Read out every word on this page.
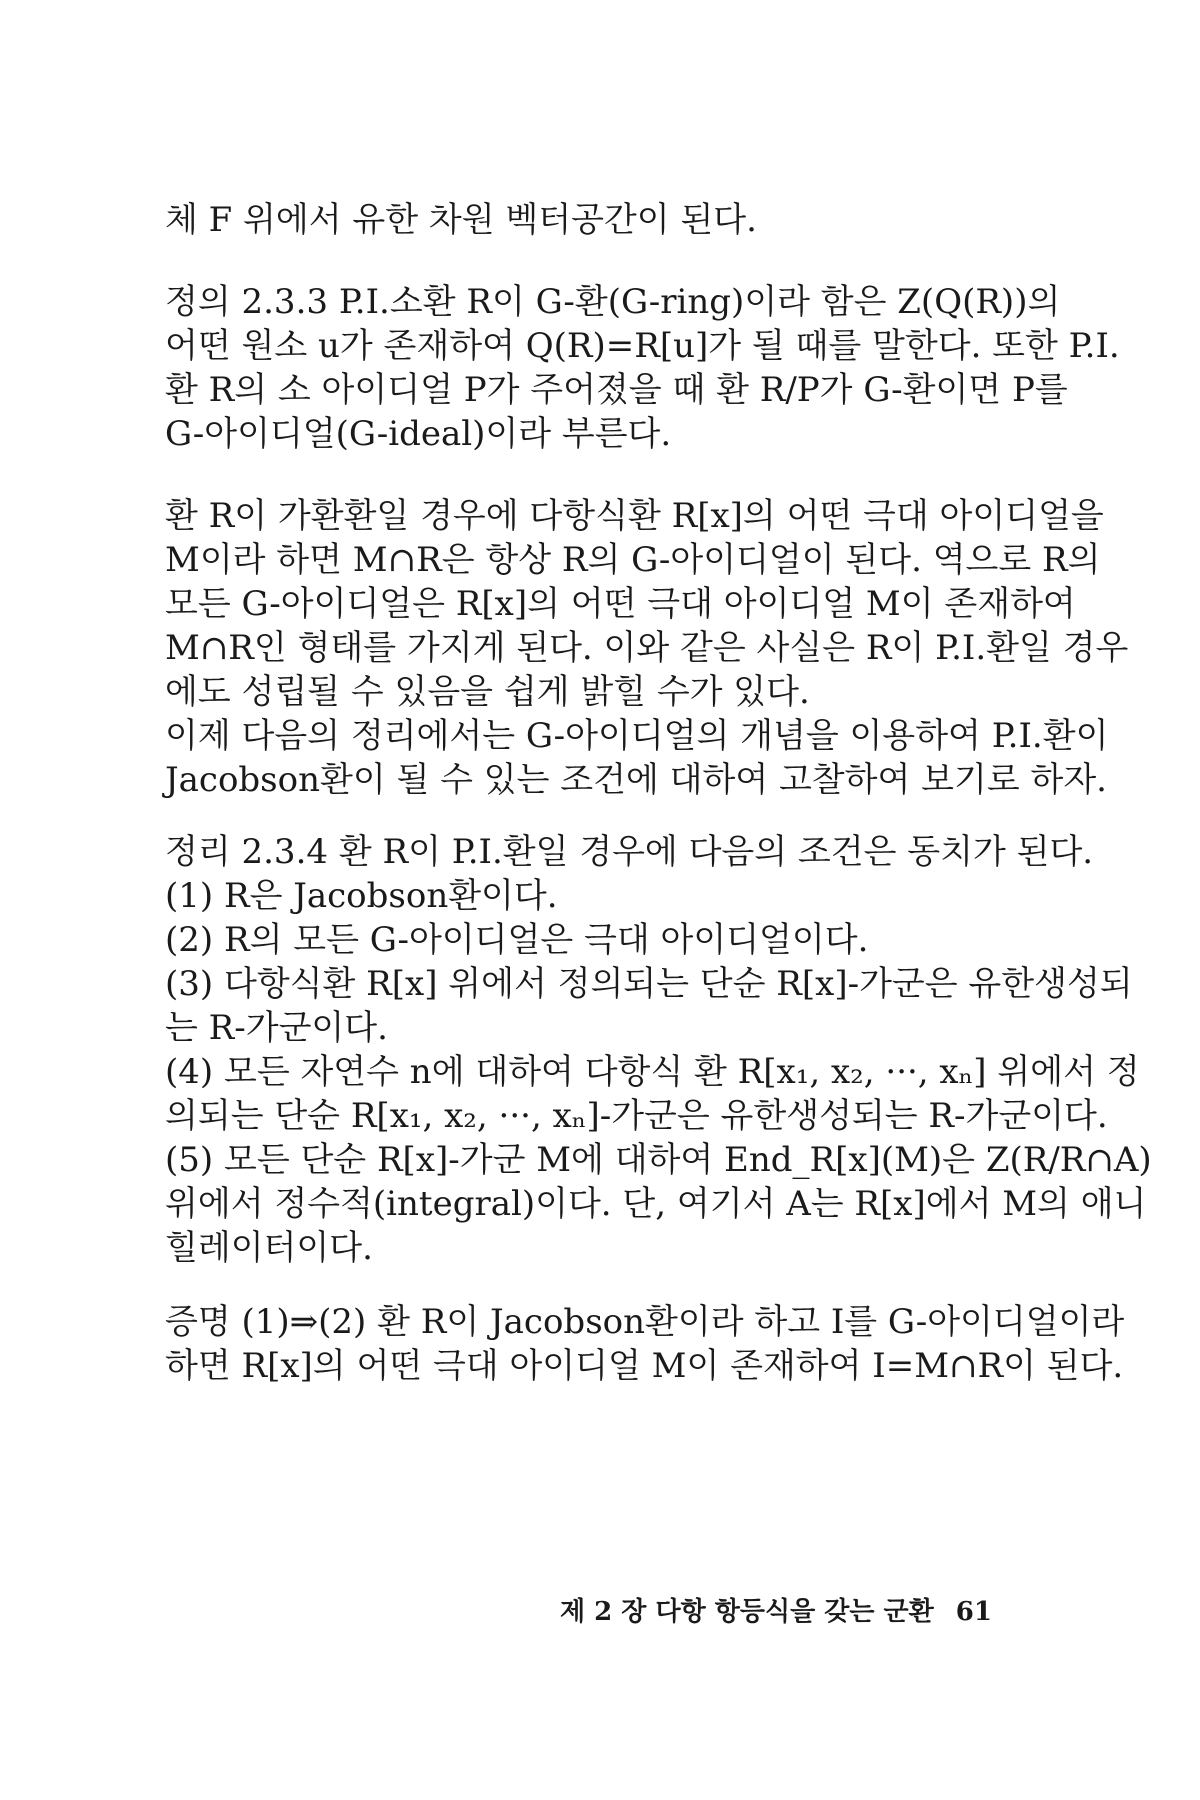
체 F 위에서 유한 차원 벡터공간이 된다.
정의 2.3.3 P.I.소환 R이 G-환(G-ring)이라 함은 Z(Q(R))의
어떤 원소 u가 존재하여 Q(R)=R[u]가 될 때를 말한다. 또한 P.I.
환 R의 소 아이디얼 P가 주어졌을 때 환 R/P가 G-환이면 P를
G-아이디얼(G-ideal)이라 부른다.
환 R이 가환환일 경우에 다항식환 R[x]의 어떤 극대 아이디얼을
M이라 하면 M∩R은 항상 R의 G-아이디얼이 된다. 역으로 R의
모든 G-아이디얼은 R[x]의 어떤 극대 아이디얼 M이 존재하여
M∩R인 형태를 가지게 된다. 이와 같은 사실은 R이 P.I.환일 경우
에도 성립될 수 있음을 쉽게 밝힐 수가 있다.
이제 다음의 정리에서는 G-아이디얼의 개념을 이용하여 P.I.환이
Jacobson환이 될 수 있는 조건에 대하여 고찰하여 보기로 하자.
정리 2.3.4 환 R이 P.I.환일 경우에 다음의 조건은 동치가 된다.
(1) R은 Jacobson환이다.
(2) R의 모든 G-아이디얼은 극대 아이디얼이다.
(3) 다항식환 R[x] 위에서 정의되는 단순 R[x]-가군은 유한생성되
는 R-가군이다.
(4) 모든 자연수 n에 대하여 다항식 환 R[x₁, x₂, ···, xₙ] 위에서 정
의되는 단순 R[x₁, x₂, ···, xₙ]-가군은 유한생성되는 R-가군이다.
(5) 모든 단순 R[x]-가군 M에 대하여 End_R[x](M)은 Z(R/R∩A)
위에서 정수적(integral)이다. 단, 여기서 A는 R[x]에서 M의 애니
힐레이터이다.
증명 (1)⇒(2) 환 R이 Jacobson환이라 하고 I를 G-아이디얼이라
하면 R[x]의 어떤 극대 아이디얼 M이 존재하여 I=M∩R이 된다.
제 2 장 다항 항등식을 갖는 군환 61
